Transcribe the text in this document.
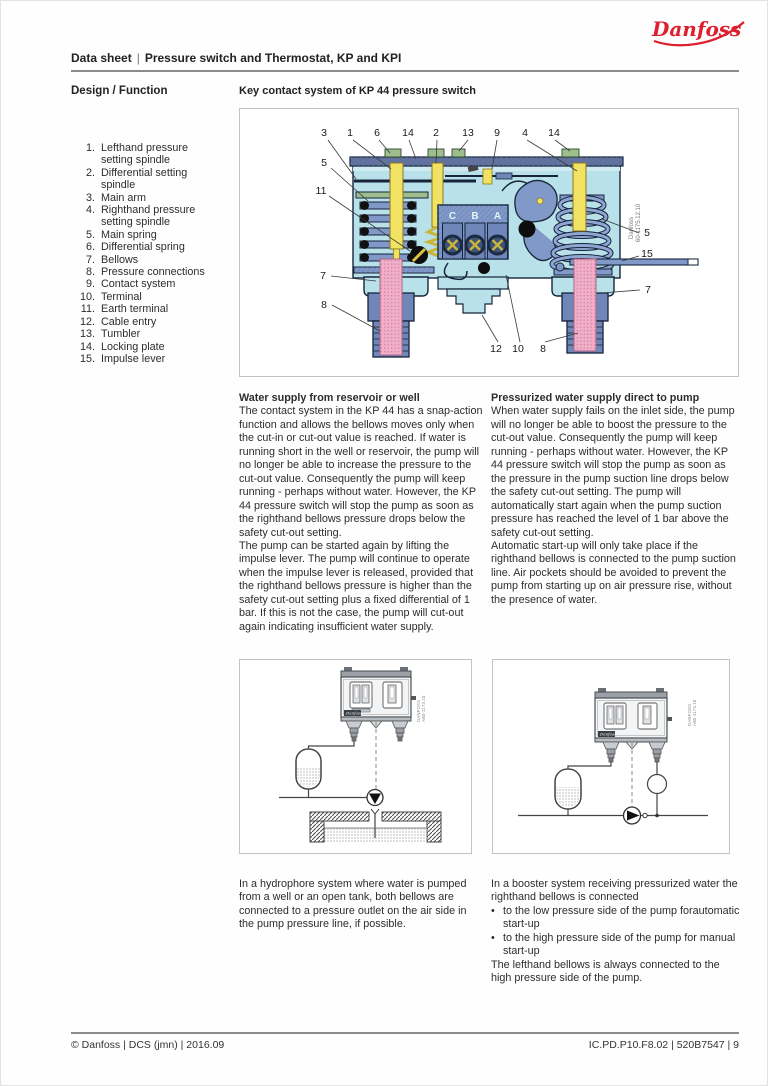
Danfoss
Data sheet | Pressure switch and Thermostat, KP and KPI
Design / Function	Key contact system of KP 44 pressure switch
1. Lefthand pressure setting spindle
2. Differential setting spindle
3. Main arm
4. Righthand pressure setting spindle
5. Main spring
6. Differential spring
7. Bellows
8. Pressure connections
9. Contact system
10. Terminal
11. Earth terminal
12. Cable entry
13. Tumbler
14. Locking plate
15. Impulse lever
C B A
Danfoss 60-1175.12.10
3 1 6 14 2 13 9 4 14
5
11
7
8
5
15
7
12 10 8
Water supply from reservoir or well

The contact system in the KP 44 has a snap-action function and allows the bellows moves only when the cut-in or cut-out value is reached. If water is running short in the well or reservoir, the pump will no longer be able to increase the pressure to the cut-out value. Consequently the pump will keep running - perhaps without water. However, the KP 44 pressure switch will stop the pump as soon as the righthand bellows pressure drops below the safety cut-out setting.

The pump can be started again by lifting the impulse lever. The pump will continue to operate when the impulse lever is released, provided that the righthand bellows pressure is higher than the safety cut-out setting plus a fixed differential of 1 bar. If this is not the case, the pump will cut-out again indicating insufficient water supply.

Pressurized water supply direct to pump

When water supply fails on the inlet side, the pump will no longer be able to boost the pressure to the cut-out value. Consequently the pump will keep running - perhaps without water. However, the KP 44 pressure switch will stop the pump as soon as the pressure in the pump suction line drops below the safety cut-out setting. The pump will automatically start again when the pump suction pressure has reached the level of 1 bar above the safety cut-out setting.

Automatic start-up will only take place if the righthand bellows is connected to the pump suction line. Air pockets should be avoided to prevent the pump from starting up on air pressure rise, without the presence of water.

Danfoss	DANFOSS A60-1173.10
Danfoss
DANFOSS A60-1174.10

In a hydrophore system where water is pumped from a well or an open tank, both bellows are connected to a pressure outlet on the air side in the pump pressure line, if possible.

In a booster system receiving pressurized water the righthand bellows is connected

• to the low pressure side of the pump forautomatic start-up
• to the high pressure side of the pump for manual start-up

The lefthand bellows is always connected to the high pressure side of the pump.

© Danfoss | DCS (jmn) | 2016.09	IC.PD.P10.F8.02 | 520B7547 | 9
